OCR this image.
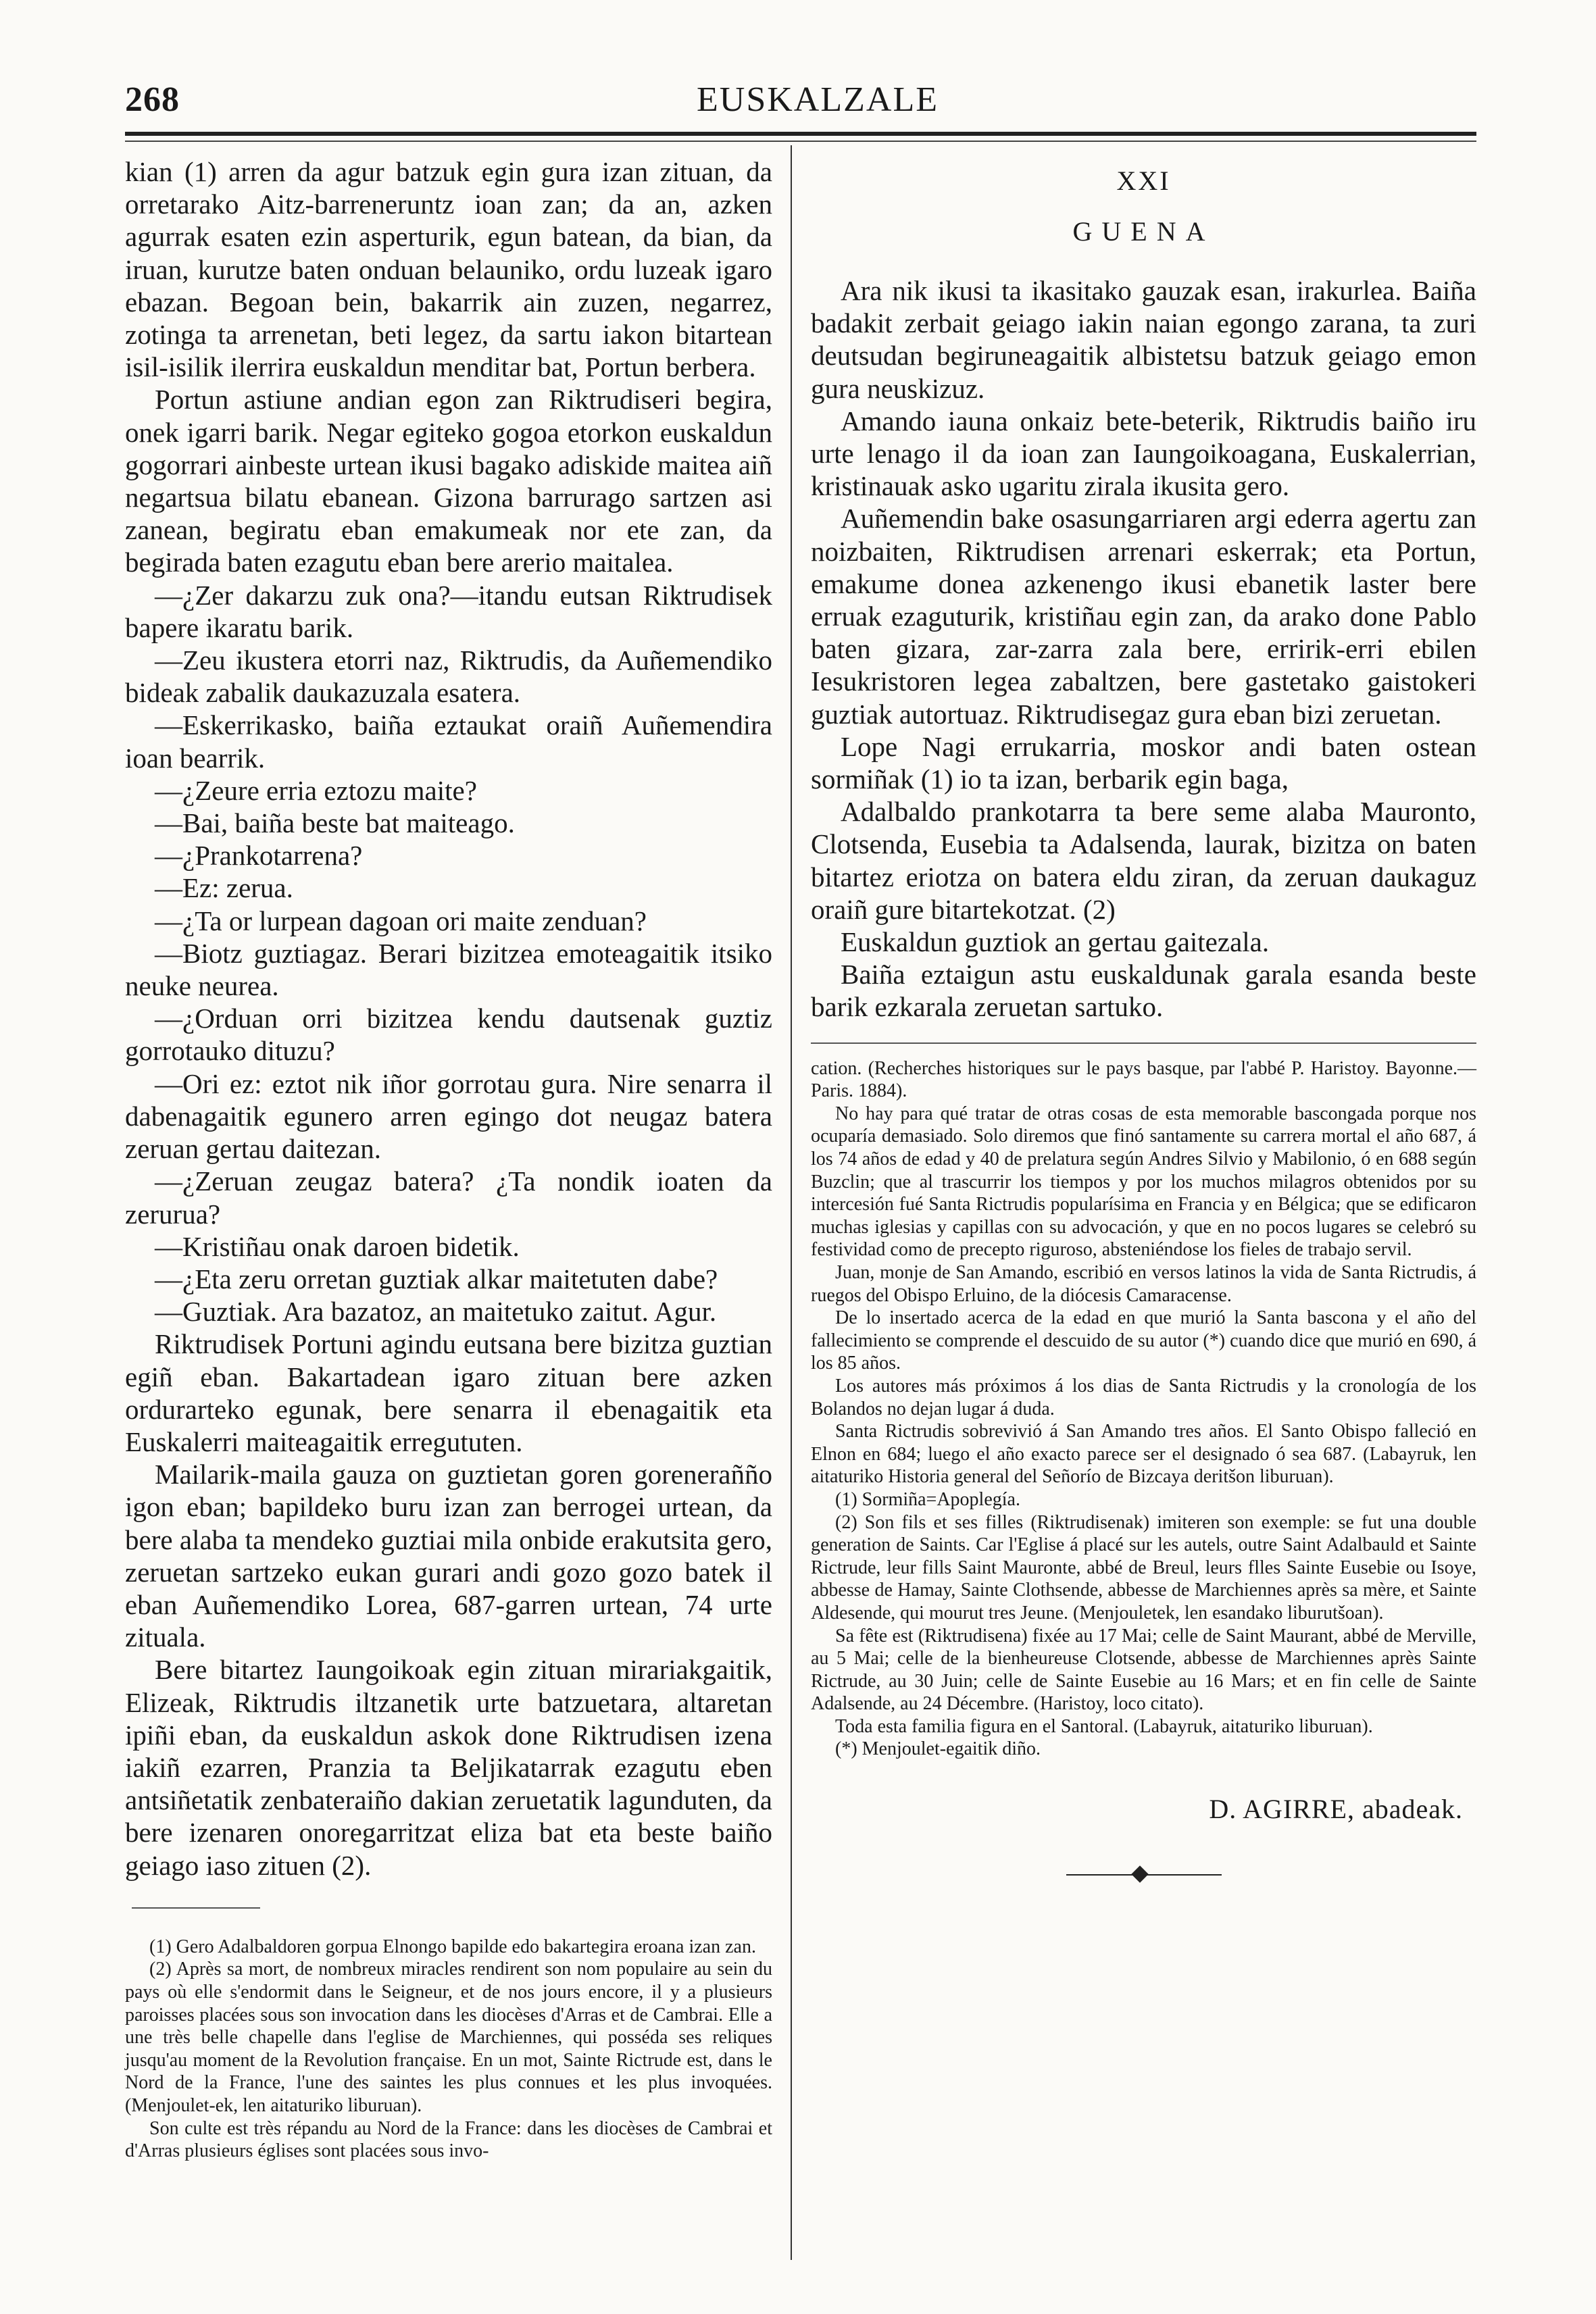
268	EUSKALZALE

kian (1) arren da agur batzuk egin gura izan zituan, da orretarako Aitz-barreneruntz ioan zan; da an, azken agurrak esaten ezin asperturik, egun batean, da bian, da iruan, kurutze baten onduan belauniko, ordu luzeak igaro ebazan. Begoan bein, bakarrik ain zuzen, negarrez, zotinga ta arrenetan, beti legez, da sartu iakon bitartean isil-isilik ilerrira euskaldun menditar bat, Portun berbera.

Portun astiune andian egon zan Riktrudiseri begira, onek igarri barik. Negar egiteko gogoa etorkon euskaldun gogorrari ainbeste urtean ikusi bagako adiskide maitea aiñ negartsua bilatu ebanean. Gizona barrurago sartzen asi zanean, begiratu eban emakumeak nor ete zan, da begirada baten ezagutu eban bere arerio maitalea.

—¿Zer dakarzu zuk ona?—itandu eutsan Riktrudisek bapere ikaratu barik.

—Zeu ikustera etorri naz, Riktrudis, da Auñemendiko bideak zabalik daukazuzala esatera.

—Eskerrikasko, baiña eztaukat oraiñ Auñemendira ioan bearrik.

—¿Zeure erria eztozu maite?

—Bai, baiña beste bat maiteago.

—¿Prankotarrena?

—Ez: zerua.

—¿Ta or lurpean dagoan ori maite zenduan?

—Biotz guztiagaz. Berari bizitzea emoteagaitik itsiko neuke neurea.

—¿Orduan orri bizitzea kendu dautsenak guztiz gorrotauko dituzu?

—Ori ez: eztot nik iñor gorrotau gura. Nire senarra il dabenagaitik egunero arren egingo dot neugaz batera zeruan gertau daitezan.

—¿Zeruan zeugaz batera? ¿Ta nondik ioaten da zerurua?

—Kristiñau onak daroen bidetik.

—¿Eta zeru orretan guztiak alkar maitetuten dabe?

—Guztiak. Ara bazatoz, an maitetuko zaitut. Agur.

Riktrudisek Portuni agindu eutsana bere bizitza guztian egiñ eban. Bakartadean igaro zituan bere azken ordurarteko egunak, bere senarra il ebenagaitik eta Euskalerri maiteagaitik erregututen.

Mailarik-maila gauza on guztietan goren gorenerañño igon eban; bapildeko buru izan zan berrogei urtean, da bere alaba ta mendeko guztiai mila onbide erakutsita gero, zeruetan sartzeko eukan gurari andi gozo gozo batek il eban Auñemendiko Lorea, 687-garren urtean, 74 urte zituala.

Bere bitartez Iaungoikoak egin zituan mirariakgaitik, Elizeak, Riktrudis iltzanetik urte batzuetara, altaretan ipiñi eban, da euskaldun askok done Riktrudisen izena iakiñ ezarren, Pranzia ta Beljikatarrak ezagutu eben antsiñetatik zenbateraiño dakian zeruetatik lagunduten, da bere izenaren onoregarritzat eliza bat eta beste baiño geiago iaso zituen (2).

(1) Gero Adalbaldoren gorpua Elnongo bapilde edo bakartegira eroana izan zan.

(2) Après sa mort, de nombreux miracles rendirent son nom populaire au sein du pays où elle s'endormit dans le Seigneur, et de nos jours encore, il y a plusieurs paroisses placées sous son invocation dans les diocèses d'Arras et de Cambrai. Elle a une très belle chapelle dans l'eglise de Marchiennes, qui posséda ses reliques jusqu'au moment de la Revolution française. En un mot, Sainte Rictrude est, dans le Nord de la France, l'une des saintes les plus connues et les plus invoquées. (Menjoulet-ek, len aitaturiko liburuan).

Son culte est très répandu au Nord de la France: dans les diocèses de Cambrai et d'Arras plusieurs églises sont placées sous invo-

XXI
GUENA

Ara nik ikusi ta ikasitako gauzak esan, irakurlea. Baiña badakit zerbait geiago iakin naian egongo zarana, ta zuri deutsudan begiruneagaitik albistetsu batzuk geiago emon gura neuskizuz.

Amando iauna onkaiz bete-beterik, Riktrudis baiño iru urte lenago il da ioan zan Iaungoikoagana, Euskalerrian, kristinauak asko ugaritu zirala ikusita gero.

Auñemendin bake osasungarriaren argi ederra agertu zan noizbaiten, Riktrudisen arrenari eskerrak; eta Portun, emakume donea azkenengo ikusi ebanetik laster bere erruak ezaguturik, kristiñau egin zan, da arako done Pablo baten gizara, zar-zarra zala bere, erririk-erri ebilen Iesukristoren legea zabaltzen, bere gastetako gaistokeri guztiak autortuaz. Riktrudisegaz gura eban bizi zeruetan.

Lope Nagi errukarria, moskor andi baten ostean sormiñak (1) io ta izan, berbarik egin baga,

Adalbaldo prankotarra ta bere seme alaba Mauronto, Clotsenda, Eusebia ta Adalsenda, laurak, bizitza on baten bitartez eriotza on batera eldu ziran, da zeruan daukaguz oraiñ gure bitartekotzat. (2)

Euskaldun guztiok an gertau gaitezala.

Baiña eztaigun astu euskaldunak garala esanda beste barik ezkarala zeruetan sartuko.

cation. (Recherches historiques sur le pays basque, par l'abbé P. Haristoy. Bayonne.—Paris. 1884).

No hay para qué tratar de otras cosas de esta memorable bascongada porque nos ocuparía demasiado. Solo diremos que finó santamente su carrera mortal el año 687, á los 74 años de edad y 40 de prelatura según Andres Silvio y Mabilonio, ó en 688 según Buzclin; que al trascurrir los tiempos y por los muchos milagros obtenidos por su intercesión fué Santa Rictrudis popularísima en Francia y en Bélgica; que se edificaron muchas iglesias y capillas con su advocación, y que en no pocos lugares se celebró su festividad como de precepto riguroso, absteniéndose los fieles de trabajo servil.

Juan, monje de San Amando, escribió en versos latinos la vida de Santa Rictrudis, á ruegos del Obispo Erluino, de la diócesis Camaracense.

De lo insertado acerca de la edad en que murió la Santa bascona y el año del fallecimiento se comprende el descuido de su autor (*) cuando dice que murió en 690, á los 85 años.

Los autores más próximos á los dias de Santa Rictrudis y la cronología de los Bolandos no dejan lugar á duda.

Santa Rictrudis sobrevivió á San Amando tres años. El Santo Obispo falleció en Elnon en 684; luego el año exacto parece ser el designado ó sea 687. (Labayruk, len aitaturiko Historia general del Señorío de Bizcaya deritšon liburuan).

(1) Sormiña=Apoplegía.

(2) Son fils et ses filles (Riktrudisenak) imiteren son exemple: se fut una double generation de Saints. Car l'Eglise á placé sur les autels, outre Saint Adalbauld et Sainte Rictrude, leur fills Saint Mauronte, abbé de Breul, leurs flles Sainte Eusebie ou Isoye, abbesse de Hamay, Sainte Clothsende, abbesse de Marchiennes après sa mère, et Sainte Aldesende, qui mourut tres Jeune. (Menjouletek, len esandako liburutšoan).

Sa fête est (Riktrudisena) fixée au 17 Mai; celle de Saint Maurant, abbé de Merville, au 5 Mai; celle de la bienheureuse Clotsende, abbesse de Marchiennes après Sainte Rictrude, au 30 Juin; celle de Sainte Eusebie au 16 Mars; et en fin celle de Sainte Adalsende, au 24 Décembre. (Haristoy, loco citato).

Toda esta familia figura en el Santoral. (Labayruk, aitaturiko liburuan).

(*) Menjoulet-egaitik diño.

D. AGIRRE, abadeak.
